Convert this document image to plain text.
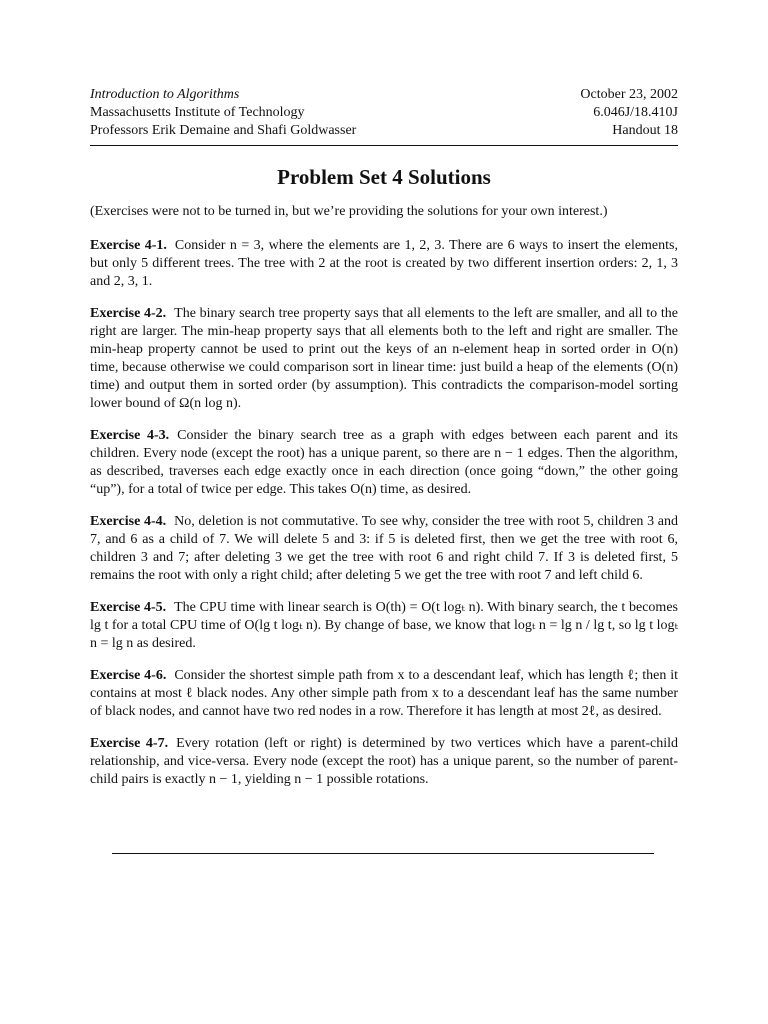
Introduction to Algorithms
Massachusetts Institute of Technology
Professors Erik Demaine and Shafi Goldwasser
October 23, 2002
6.046J/18.410J
Handout 18
Problem Set 4 Solutions

(Exercises were not to be turned in, but we’re providing the solutions for your own interest.)

Exercise 4-1. Consider n = 3, where the elements are 1, 2, 3. There are 6 ways to insert the elements, but only 5 different trees. The tree with 2 at the root is created by two different insertion orders: 2, 1, 3 and 2, 3, 1.

Exercise 4-2. The binary search tree property says that all elements to the left are smaller, and all to the right are larger. The min-heap property says that all elements both to the left and right are smaller. The min-heap property cannot be used to print out the keys of an n-element heap in sorted order in O(n) time, because otherwise we could comparison sort in linear time: just build a heap of the elements (O(n) time) and output them in sorted order (by assumption). This contradicts the comparison-model sorting lower bound of Ω(n log n).

Exercise 4-3. Consider the binary search tree as a graph with edges between each parent and its children. Every node (except the root) has a unique parent, so there are n − 1 edges. Then the algorithm, as described, traverses each edge exactly once in each direction (once going “down,” the other going “up”), for a total of twice per edge. This takes O(n) time, as desired.

Exercise 4-4. No, deletion is not commutative. To see why, consider the tree with root 5, children 3 and 7, and 6 as a child of 7. We will delete 5 and 3: if 5 is deleted first, then we get the tree with root 6, children 3 and 7; after deleting 3 we get the tree with root 6 and right child 7. If 3 is deleted first, 5 remains the root with only a right child; after deleting 5 we get the tree with root 7 and left child 6.

Exercise 4-5. The CPU time with linear search is O(th) = O(t logₜ n). With binary search, the t becomes lg t for a total CPU time of O(lg t logₜ n). By change of base, we know that logₜ n = lg n / lg t, so lg t logₜ n = lg n as desired.

Exercise 4-6. Consider the shortest simple path from x to a descendant leaf, which has length ℓ; then it contains at most ℓ black nodes. Any other simple path from x to a descendant leaf has the same number of black nodes, and cannot have two red nodes in a row. Therefore it has length at most 2ℓ, as desired.

Exercise 4-7. Every rotation (left or right) is determined by two vertices which have a parent-child relationship, and vice-versa. Every node (except the root) has a unique parent, so the number of parent-child pairs is exactly n − 1, yielding n − 1 possible rotations.
